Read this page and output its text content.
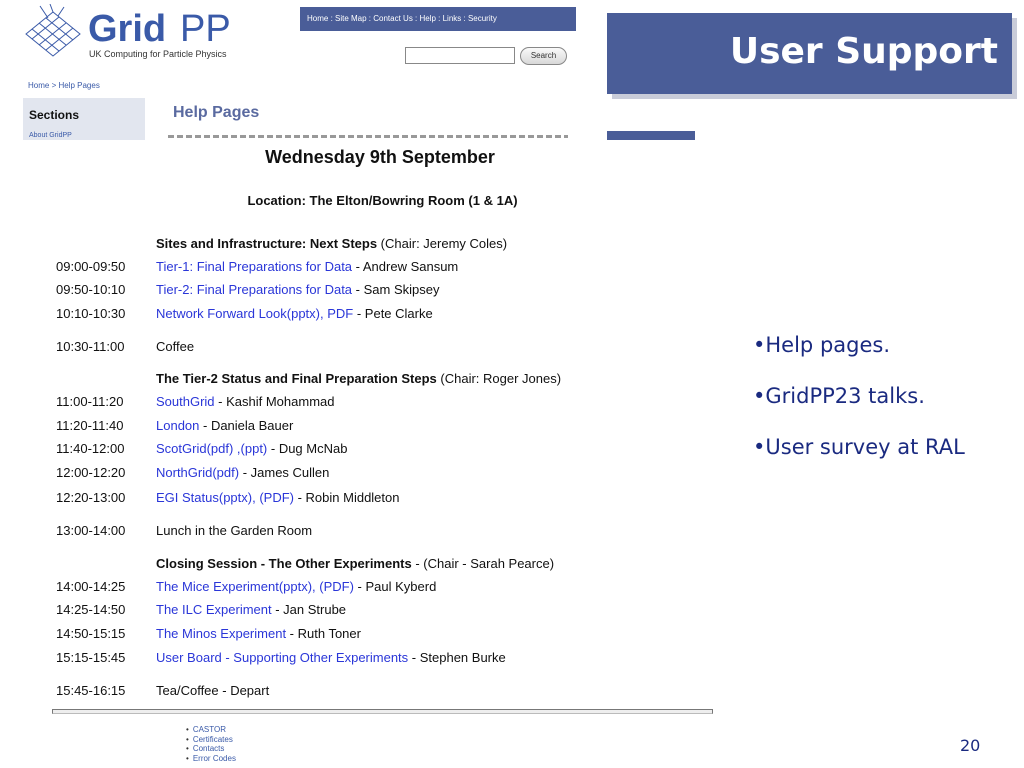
Grid PP
UK Computing for Particle Physics
Home : Site Map : Contact Us : Help : Links : Security
Search
Home > Help Pages
Sections
About GridPP
Help Pages
User Support
Wednesday 9th September
Location: The Elton/Bowring Room (1 & 1A)
Sites and Infrastructure: Next Steps (Chair: Jeremy Coles)
09:00-09:50 Tier-1: Final Preparations for Data - Andrew Sansum
09:50-10:10 Tier-2: Final Preparations for Data - Sam Skipsey
10:10-10:30 Network Forward Look(pptx), PDF - Pete Clarke
10:30-11:00 Coffee
The Tier-2 Status and Final Preparation Steps (Chair: Roger Jones)
11:00-11:20	SouthGrid - Kashif Mohammad
11:20-11:40	London - Daniela Bauer
11:40-12:00 ScotGrid(pdf) ,(ppt) - Dug McNab
12:00-12:20 NorthGrid(pdf) - James Cullen
12:20-13:00 EGI Status(pptx), (PDF) - Robin Middleton
13:00-14:00 Lunch in the Garden Room
Closing Session - The Other Experiments - (Chair - Sarah Pearce)
14:00-14:25 The Mice Experiment(pptx), (PDF) - Paul Kyberd
14:25-14:50 The ILC Experiment - Jan Strube
14:50-15:15 The Minos Experiment - Ruth Toner
15:15-15:45 User Board - Supporting Other Experiments - Stephen Burke
15:45-16:15 Tea/Coffee - Depart
• CASTOR
• Certificates
• Contacts
• Error Codes
•Help pages.
•GridPP23 talks.
•User survey at RAL
20
